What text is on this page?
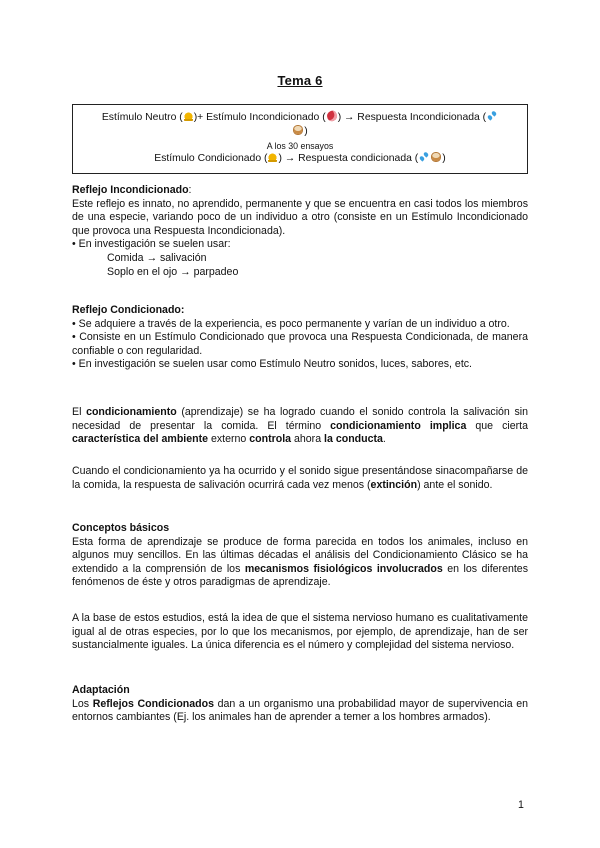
Tema 6
Estímulo Neutro ( )+ Estímulo Incondicionado ( ) → Respuesta Incondicionada (
)
A los 30 ensayos
Estímulo Condicionado ( ) → Respuesta condicionada ( )
Reflejo Incondicionado:
Este reflejo es innato, no aprendido, permanente y que se encuentra en casi todos los miembros de una especie, variando poco de un individuo a otro (consiste en un Estímulo Incondicionado que provoca una Respuesta Incondicionada).
• En investigación se suelen usar:
Comida → salivación
Soplo en el ojo → parpadeo
Reflejo Condicionado:
• Se adquiere a través de la experiencia, es poco permanente y varían de un individuo a otro.
• Consiste en un Estímulo Condicionado que provoca una Respuesta Condicionada, de manera confiable o con regularidad.
• En investigación se suelen usar como Estímulo Neutro sonidos, luces, sabores, etc.
El condicionamiento (aprendizaje) se ha logrado cuando el sonido controla la salivación sin necesidad de presentar la comida. El término condicionamiento implica que cierta característica del ambiente externo controla ahora la conducta.
Cuando el condicionamiento ya ha ocurrido y el sonido sigue presentándose sinacompañarse de la comida, la respuesta de salivación ocurrirá cada vez menos (extinción) ante el sonido.
Conceptos básicos
Esta forma de aprendizaje se produce de forma parecida en todos los animales, incluso en algunos muy sencillos. En las últimas décadas el análisis del Condicionamiento Clásico se ha extendido a la comprensión de los mecanismos fisiológicos involucrados en los diferentes fenómenos de éste y otros paradigmas de aprendizaje.
A la base de estos estudios, está la idea de que el sistema nervioso humano es cualitativamente igual al de otras especies, por lo que los mecanismos, por ejemplo, de aprendizaje, han de ser sustancialmente iguales. La única diferencia es el número y complejidad del sistema nervioso.
Adaptación
Los Reflejos Condicionados dan a un organismo una probabilidad mayor de supervivencia en entornos cambiantes (Ej. los animales han de aprender a temer a los hombres armados).
1
